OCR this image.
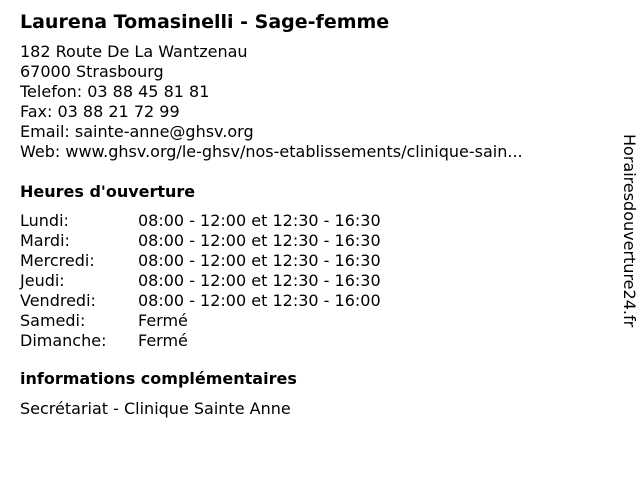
Laurena Tomasinelli - Sage-femme
182 Route De La Wantzenau
67000 Strasbourg
Telefon: 03 88 45 81 81
Fax: 03 88 21 72 99
Email: sainte-anne@ghsv.org
Web: www.ghsv.org/le-ghsv/nos-etablissements/clinique-sain...
Heures d'ouverture
Lundi:	08:00 - 12:00 et 12:30 - 16:30
Mardi:	08:00 - 12:00 et 12:30 - 16:30
Mercredi:	08:00 - 12:00 et 12:30 - 16:30
Jeudi:	08:00 - 12:00 et 12:30 - 16:30
Vendredi:	08:00 - 12:00 et 12:30 - 16:00
Samedi:	Fermé
Dimanche:	Fermé
informations complémentaires
Secrétariat - Clinique Sainte Anne
Horairesdouverture24.fr
